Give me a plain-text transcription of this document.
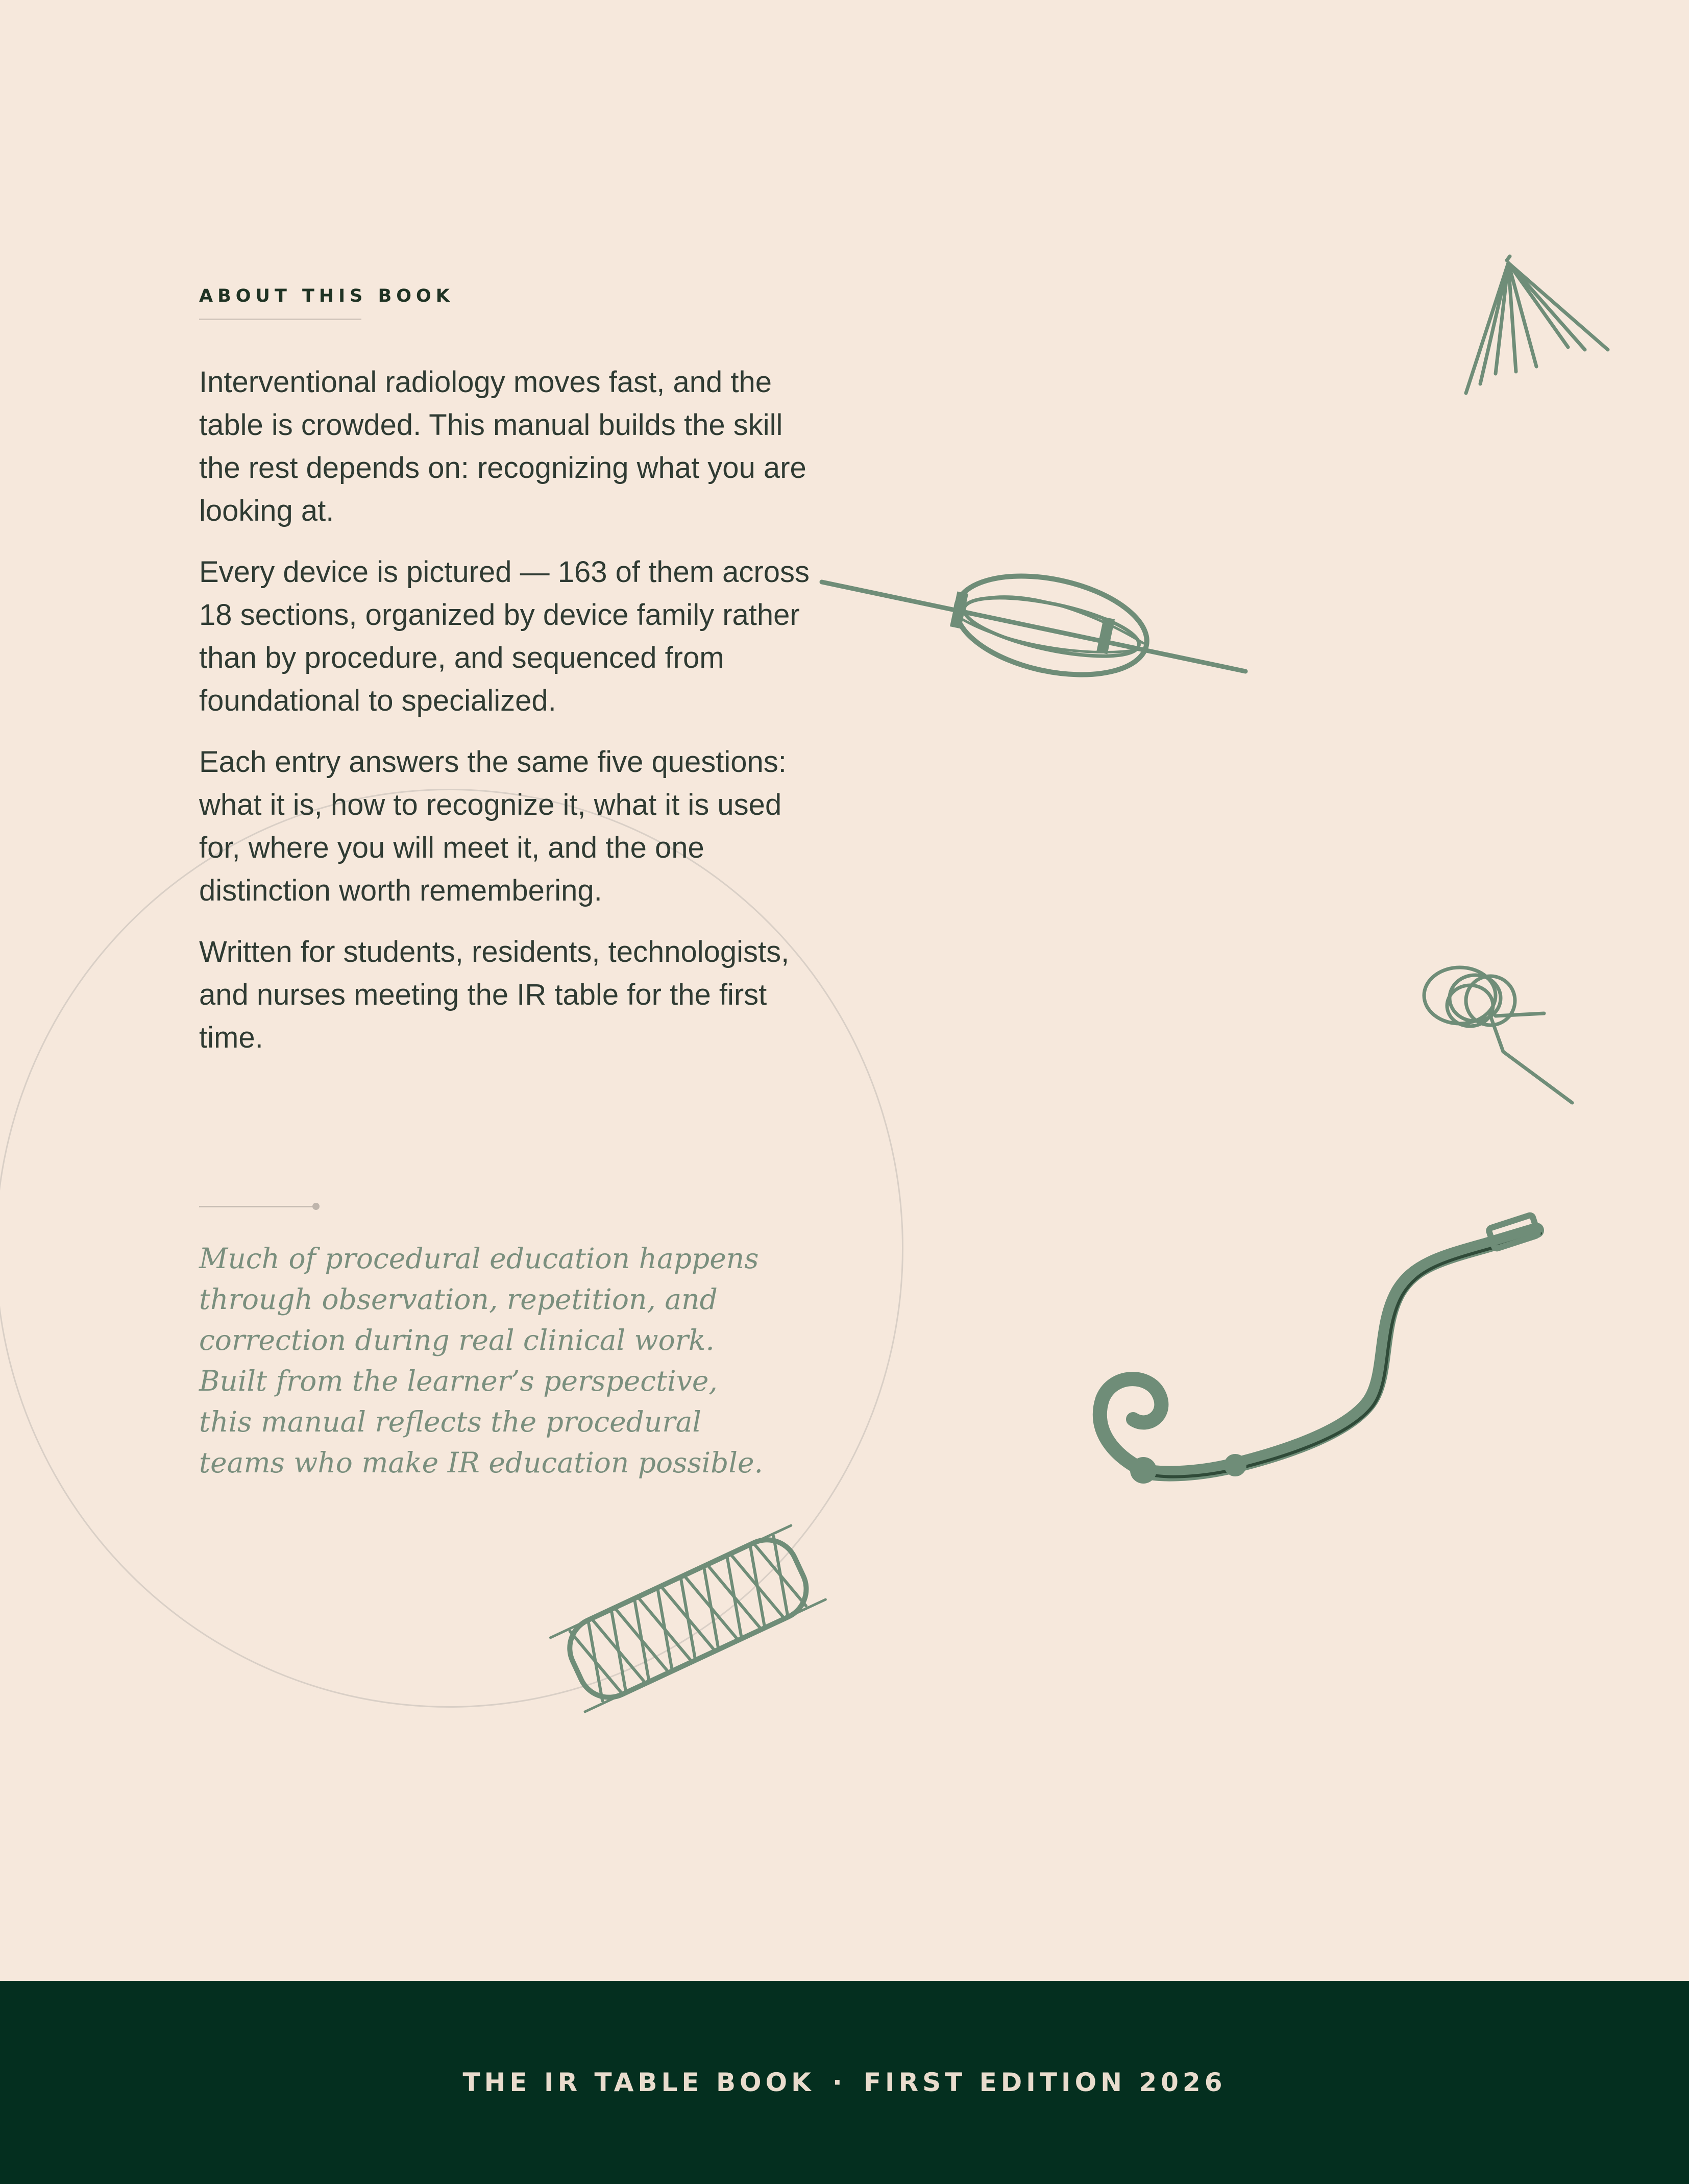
ABOUT THIS BOOK

Interventional radiology moves fast, and the table is crowded. This manual builds the skill the rest depends on: recognizing what you are looking at.

Every device is pictured — 163 of them across 18 sections, organized by device family rather than by procedure, and sequenced from foundational to specialized.

Each entry answers the same five questions: what it is, how to recognize it, what it is used for, where you will meet it, and the one distinction worth remembering.

Written for students, residents, technologists, and nurses meeting the IR table for the first time.

Much of procedural education happens through observation, repetition, and correction during real clinical work. Built from the learner’s perspective, this manual reflects the procedural teams who make IR education possible.

THE IR TABLE BOOK · FIRST EDITION 2026
